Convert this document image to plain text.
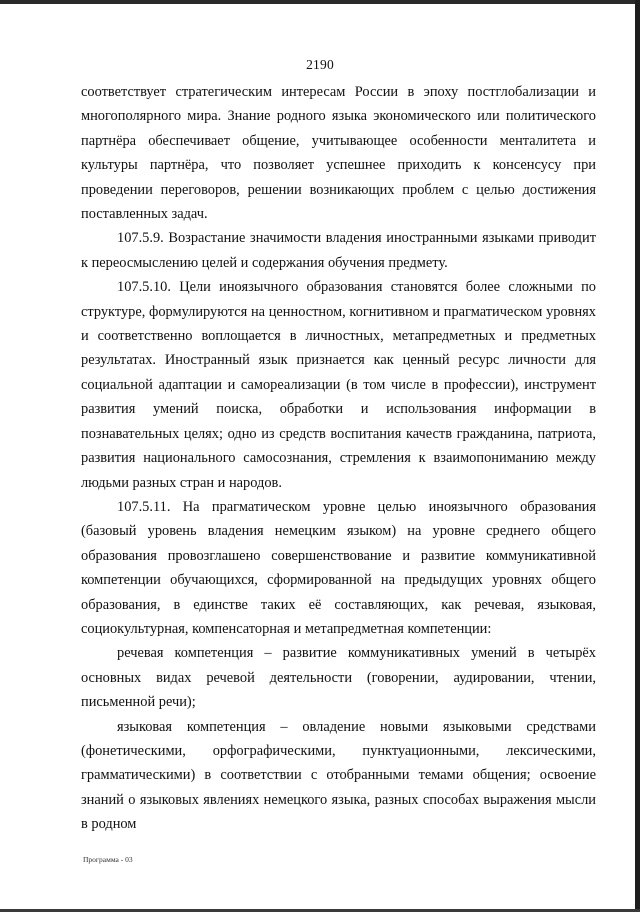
2190

соответствует стратегическим интересам России в эпоху постглобализации и многополярного мира. Знание родного языка экономического или политического партнёра обеспечивает общение, учитывающее особенности менталитета и культуры партнёра, что позволяет успешнее приходить к консенсусу при проведении переговоров, решении возникающих проблем с целью достижения поставленных задач.

107.5.9. Возрастание значимости владения иностранными языками приводит к переосмыслению целей и содержания обучения предмету.

107.5.10. Цели иноязычного образования становятся более сложными по структуре, формулируются на ценностном, когнитивном и прагматическом уровнях и соответственно воплощается в личностных, метапредметных и предметных результатах. Иностранный язык признается как ценный ресурс личности для социальной адаптации и самореализации (в том числе в профессии), инструмент развития умений поиска, обработки и использования информации в познавательных целях; одно из средств воспитания качеств гражданина, патриота, развития национального самосознания, стремления к взаимопониманию между людьми разных стран и народов.

107.5.11. На прагматическом уровне целью иноязычного образования (базовый уровень владения немецким языком) на уровне среднего общего образования провозглашено совершенствование и развитие коммуникативной компетенции обучающихся, сформированной на предыдущих уровнях общего образования, в единстве таких её составляющих, как речевая, языковая, социокультурная, компенсаторная и метапредметная компетенции:

речевая компетенция – развитие коммуникативных умений в четырёх основных видах речевой деятельности (говорении, аудировании, чтении, письменной речи);

языковая компетенция – овладение новыми языковыми средствами (фонетическими, орфографическими, пунктуационными, лексическими, грамматическими) в соответствии с отобранными темами общения; освоение знаний о языковых явлениях немецкого языка, разных способах выражения мысли в родном

Программа - 03
